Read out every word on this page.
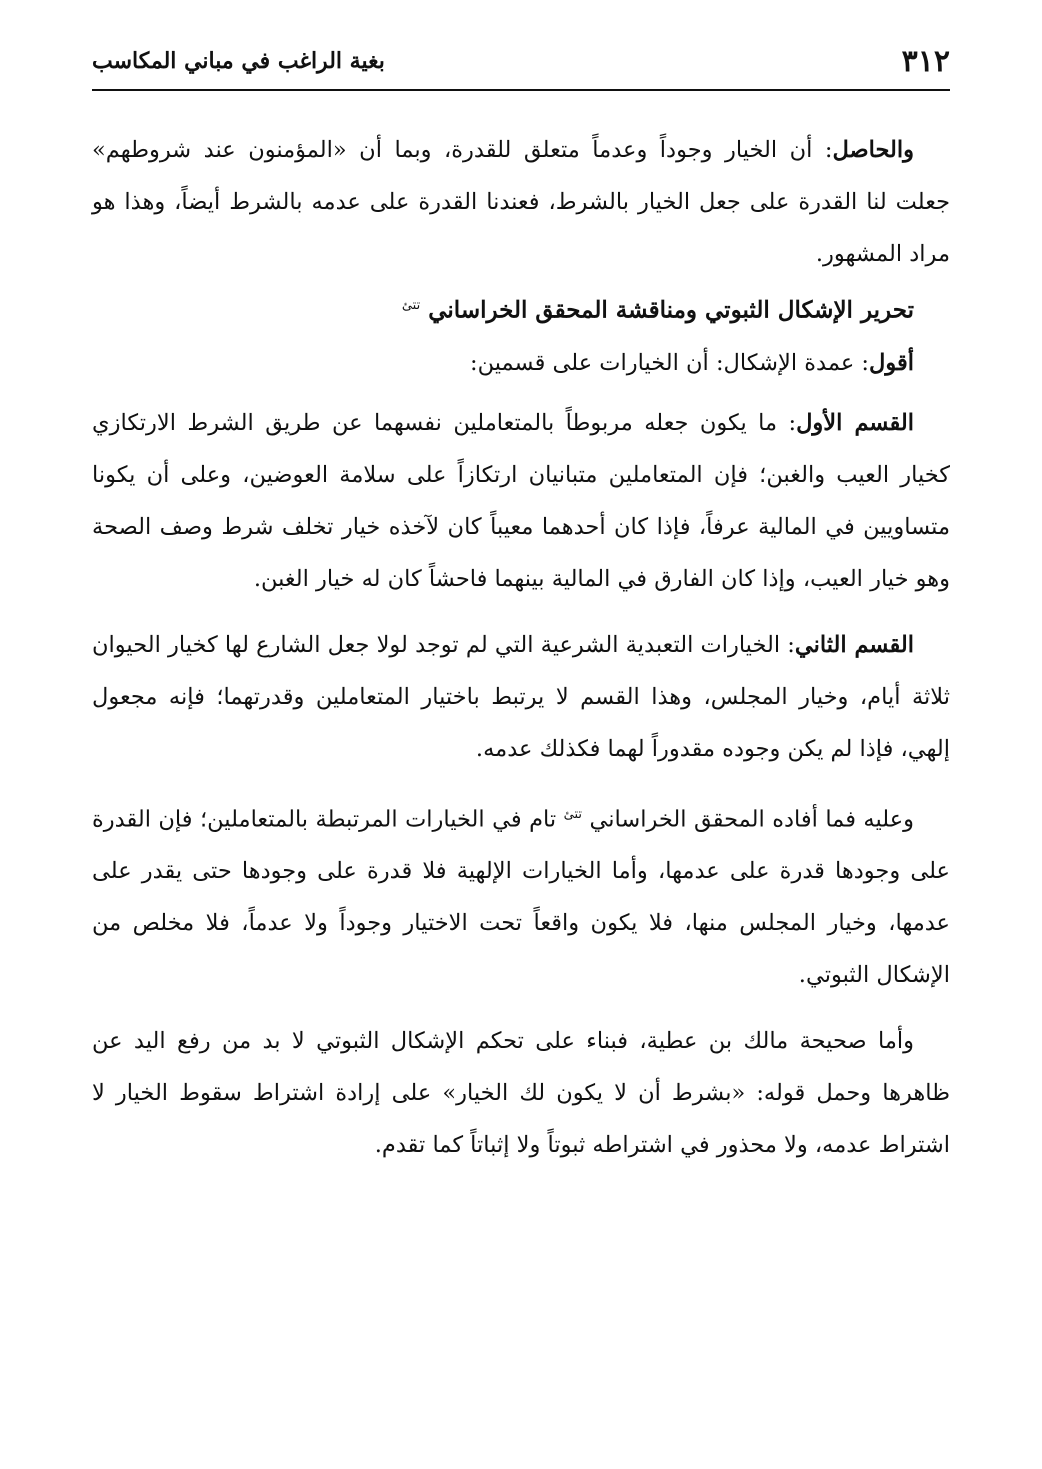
٣١٢
بغية الراغب في مباني المكاسب

والحاصل: أن الخيار وجوداً وعدماً متعلق للقدرة، وبما أن «المؤمنون عند شروطهم» جعلت لنا القدرة على جعل الخيار بالشرط، فعندنا القدرة على عدمه بالشرط أيضاً، وهذا هو مراد المشهور.

تحرير الإشكال الثبوتي ومناقشة المحقق الخراساني $^{تتئ}$

أقول: عمدة الإشكال: أن الخيارات على قسمين:

القسم الأول: ما يكون جعله مربوطاً بالمتعاملين نفسهما عن طريق الشرط الارتكازي كخيار العيب والغبن؛ فإن المتعاملين متبانيان ارتكازاً على سلامة العوضين، وعلى أن يكونا متساويين في المالية عرفاً، فإذا كان أحدهما معيباً كان لآخذه خيار تخلف شرط وصف الصحة وهو خيار العيب، وإذا كان الفارق في المالية بينهما فاحشاً كان له خيار الغبن.

القسم الثاني: الخيارات التعبدية الشرعية التي لم توجد لولا جعل الشارع لها كخيار الحيوان ثلاثة أيام، وخيار المجلس، وهذا القسم لا يرتبط باختيار المتعاملين وقدرتهما؛ فإنه مجعول إلهي، فإذا لم يكن وجوده مقدوراً لهما فكذلك عدمه.

وعليه فما أفاده المحقق الخراساني $^{تتئ}$ تام في الخيارات المرتبطة بالمتعاملين؛ فإن القدرة على وجودها قدرة على عدمها، وأما الخيارات الإلهية فلا قدرة على وجودها حتى يقدر على عدمها، وخيار المجلس منها، فلا يكون واقعاً تحت الاختيار وجوداً ولا عدماً، فلا مخلص من الإشكال الثبوتي.

وأما صحيحة مالك بن عطية، فبناء على تحكم الإشكال الثبوتي لا بد من رفع اليد عن ظاهرها وحمل قوله: «بشرط أن لا يكون لك الخيار» على إرادة اشتراط سقوط الخيار لا اشتراط عدمه، ولا محذور في اشتراطه ثبوتاً ولا إثباتاً كما تقدم.
